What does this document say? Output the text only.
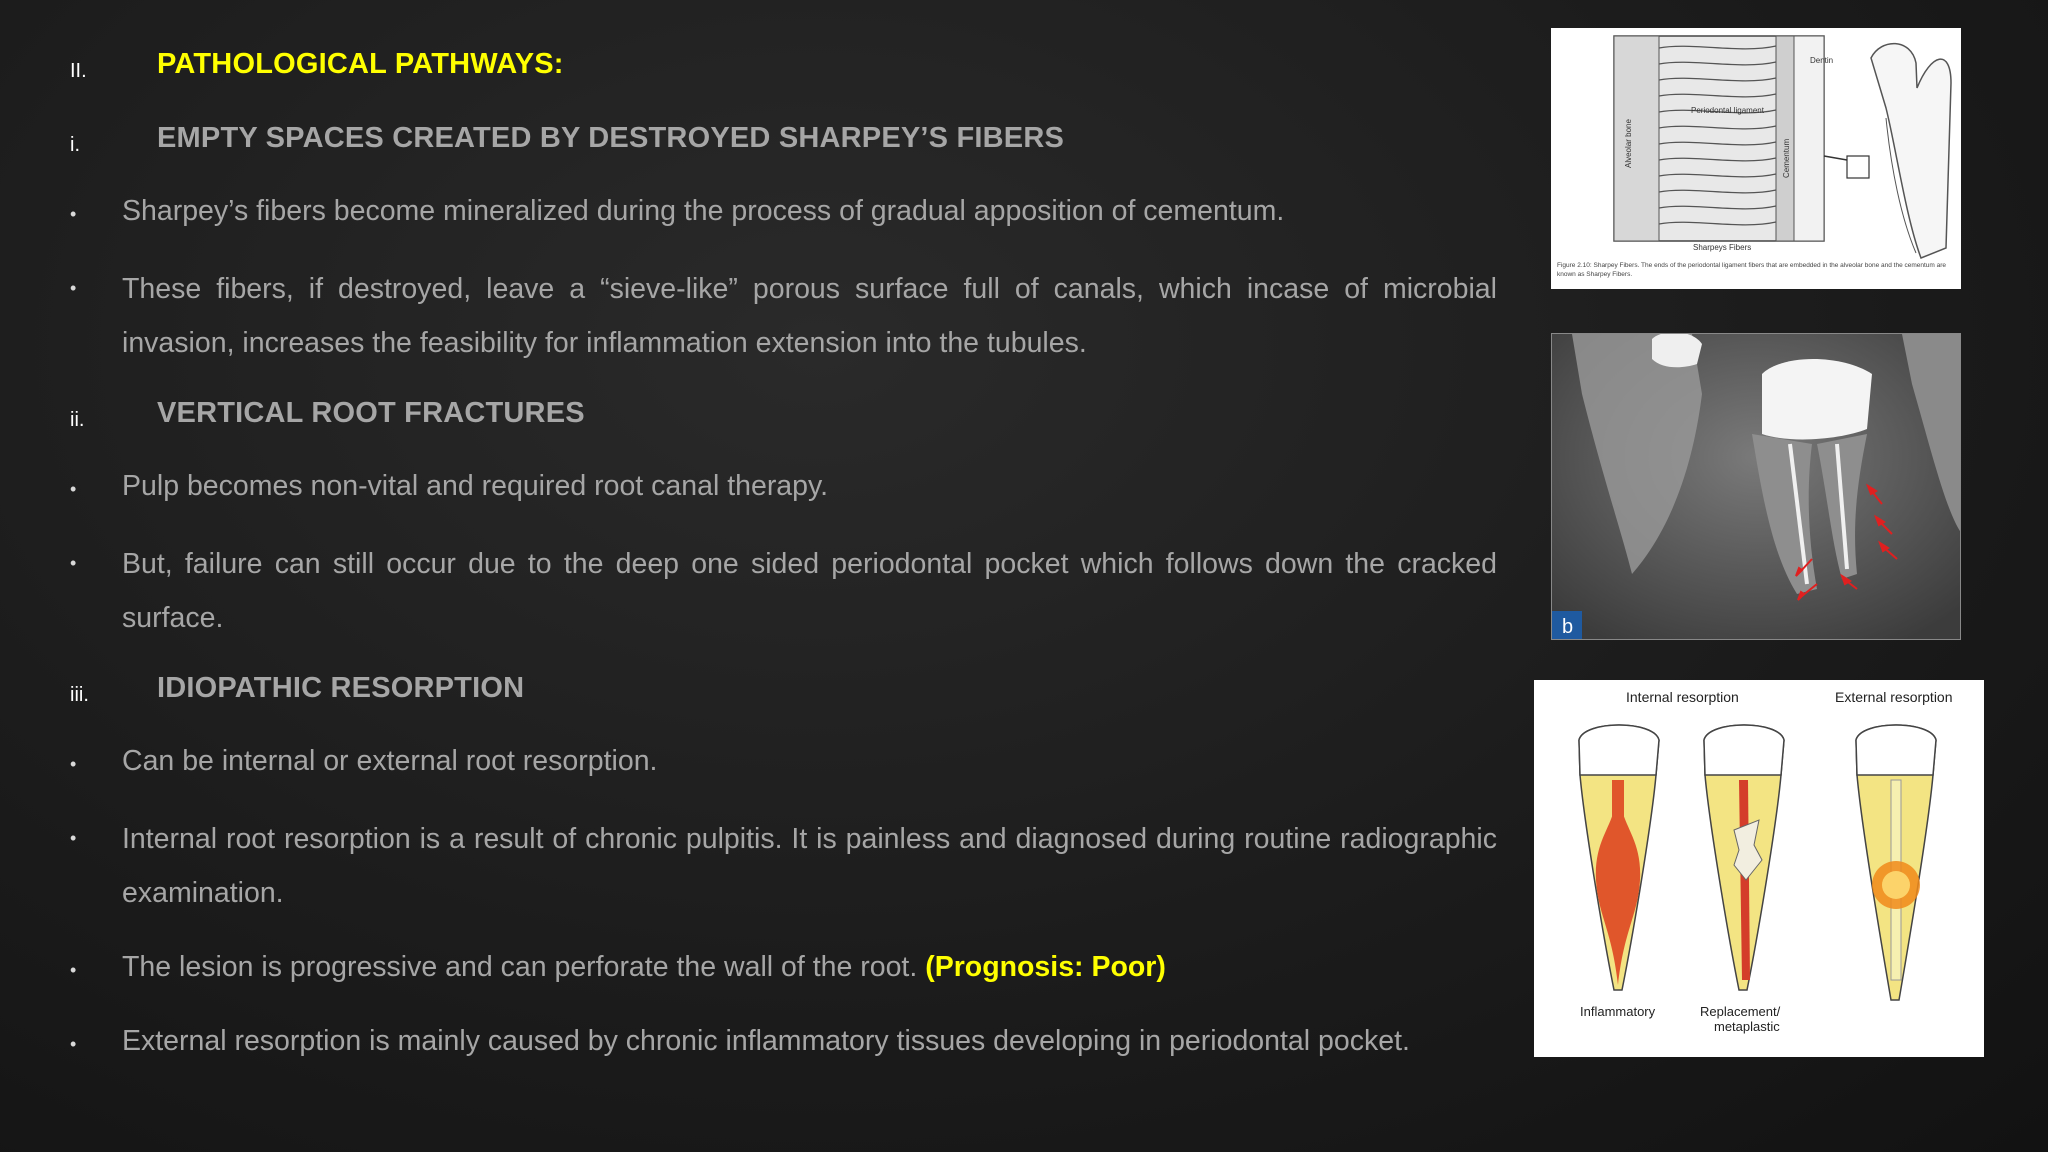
II. PATHOLOGICAL PATHWAYS:
i.	EMPTY SPACES CREATED BY DESTROYED SHARPEY’S FIBERS
• Sharpey’s fibers become mineralized during the process of gradual apposition of cementum.
• These fibers, if destroyed, leave a “sieve-like” porous surface full of canals, which incase of microbial invasion, increases the feasibility for inflammation extension into the tubules.
ii.	VERTICAL ROOT FRACTURES
• Pulp becomes non-vital and required root canal therapy.
• But, failure can still occur due to the deep one sided periodontal pocket which follows down the cracked surface.
iii. IDIOPATHIC RESORPTION
• Can be internal or external root resorption.
• Internal root resorption is a result of chronic pulpitis. It is painless and diagnosed during routine radiographic examination.
• The lesion is progressive and can perforate the wall of the root. (Prognosis: Poor)
• External resorption is mainly caused by chronic inflammatory tissues developing in periodontal pocket.
Dentin
Periodontal ligament
Alveolar bone	Cementum
Sharpeys Fibers
Figure 2.10: Sharpey Fibers. The ends of the periodontal ligament fibers that are embedded in the alveolar bone and the cementum are known as Sharpey Fibers.
b
Internal resorption	External resorption
Inflammatory	Replacement/
metaplastic
